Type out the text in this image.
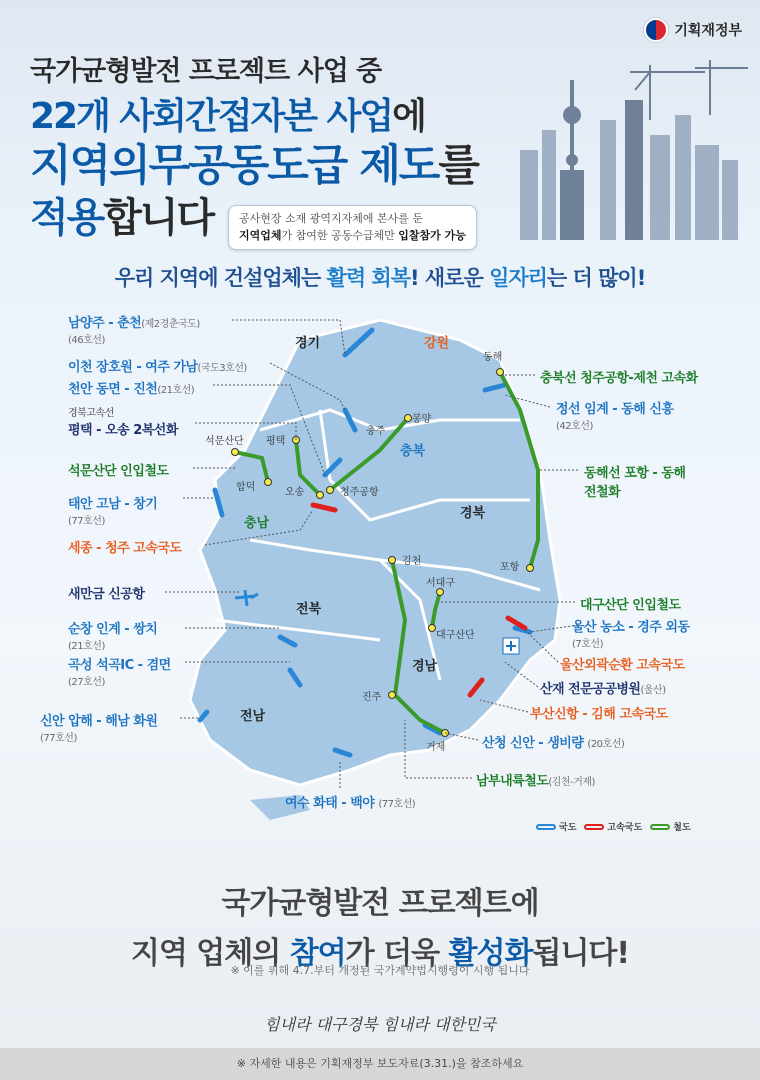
기획재정부
국가균형발전 프로젝트 사업 중
22개 사회간접자본 사업에
지역의무공동도급 제도를
적용합니다	공사현장 소재 광역지자체에 본사를 둔
지역업체가 참여한 공동수급체만 입찰참가 가능
우리 지역에 건설업체는 활력 회복! 새로운 일자리는 더 많이!
경기	강원
충북
충남
경북
전북
경남
전남
동해
봉양
충주
평택
석문산단
합덕	오송	청주공항
김천
서대구
대구산단
포항
진주
거제
남양주 - 춘천(제2경춘국도)
(46호선)
이천 장호원 - 여주 가남(국도3호선)
천안 동면 - 진천(21호선)
경북고속선
평택 - 오송 2복선화
석문산단 인입철도
태안 고남 - 창기
(77호선)
세종 - 청주 고속국도
새만금 신공항
순창 인계 - 쌍치
(21호선)
곡성 석곡IC - 겸면
(27호선)
신안 압해 - 해남 화원
(77호선)
여수 화태 - 백야 (77호선)
충북선 청주공항-제천 고속화
정선 임계 - 동해 신흥
(42호선)
동해선 포항 - 동해
전철화
대구산단 인입철도
울산 농소 - 경주 외동
(7호선)
울산외곽순환 고속국도
산재 전문공공병원(울산)
부산신항 - 김해 고속국도
산청 신안 - 생비량 (20호선)
남부내륙철도(김천-거제)
국도	고속국도	철도
국가균형발전 프로젝트에
지역 업체의 참여가 더욱 활성화됩니다!
※ 이를 위해 4.7.부터 개정된 국가계약법시행령이 시행 됩니다
힘내라 대구경북 힘내라 대한민국
※ 자세한 내용은 기획재정부 보도자료(3.31.)을 참조하세요
